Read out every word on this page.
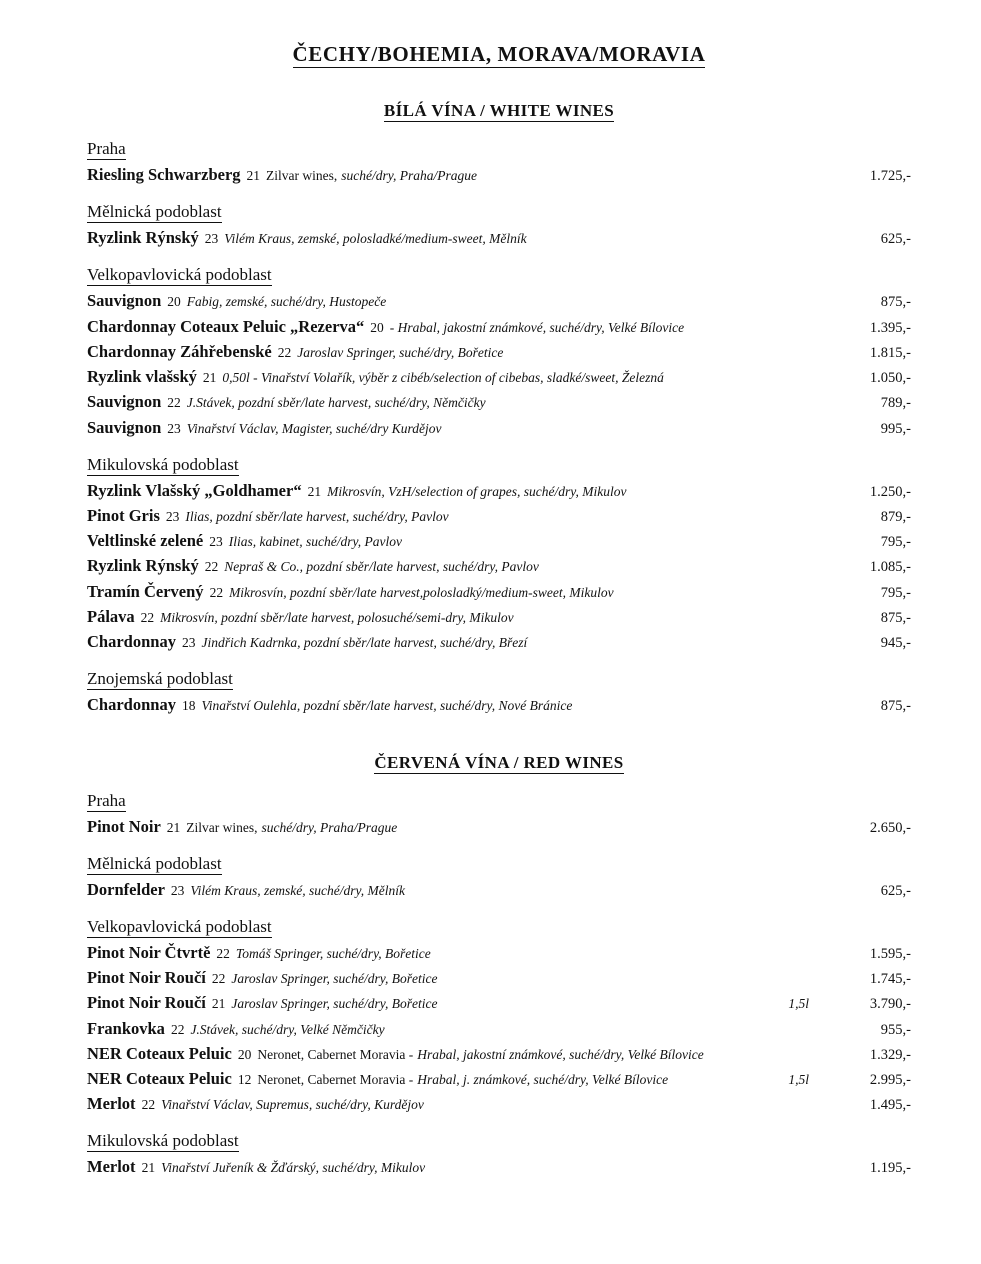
ČECHY/BOHEMIA, MORAVA/MORAVIA
BÍLÁ VÍNA / WHITE WINES
Praha
Riesling Schwarzberg 21 Zilvar wines, suché/dry, Praha/Prague	1.725,-
Mělnická podoblast
Ryzlink Rýnský 23 Vilém Kraus, zemské, polosladké/medium-sweet, Mělník	625,-
Velkopavlovická podoblast
Sauvignon 20 Fabig, zemské, suché/dry, Hustopeče	875,-
Chardonnay Coteaux Peluic „Rezerva“ 20 - Hrabal, jakostní známkové, suché/dry, Velké Bílovice	1.395,-
Chardonnay Záhřebenské 22 Jaroslav Springer, suché/dry, Bořetice	1.815,-
Ryzlink vlašský 21 0,50l - Vinařství Volařík, výběr z cibéb/selection of cibebas, sladké/sweet, Železná	1.050,-
Sauvignon 22 J.Stávek, pozdní sběr/late harvest, suché/dry, Němčičky	789,-
Sauvignon 23 Vinařství Václav, Magister, suché/dry Kurdějov	995,-
Mikulovská podoblast
Ryzlink Vlašský „Goldhamer“ 21 Mikrosvín, VzH/selection of grapes, suché/dry, Mikulov	1.250,-
Pinot Gris 23 Ilias, pozdní sběr/late harvest, suché/dry, Pavlov	879,-
Veltlinské zelené 23 Ilias, kabinet, suché/dry, Pavlov	795,-
Ryzlink Rýnský 22 Nepraš & Co., pozdní sběr/late harvest, suché/dry, Pavlov	1.085,-
Tramín Červený 22 Mikrosvín, pozdní sběr/late harvest,polosladký/medium-sweet, Mikulov	795,-
Pálava 22 Mikrosvín, pozdní sběr/late harvest, polosuché/semi-dry, Mikulov	875,-
Chardonnay 23 Jindřich Kadrnka, pozdní sběr/late harvest, suché/dry, Březí	945,-
Znojemská podoblast
Chardonnay 18 Vinařství Oulehla, pozdní sběr/late harvest, suché/dry, Nové Bránice	875,-
ČERVENÁ VÍNA / RED WINES
Praha
Pinot Noir 21 Zilvar wines, suché/dry, Praha/Prague	2.650,-
Mělnická podoblast
Dornfelder 23 Vilém Kraus, zemské, suché/dry, Mělník	625,-
Velkopavlovická podoblast
Pinot Noir Čtvrtě 22 Tomáš Springer, suché/dry, Bořetice	1.595,-
Pinot Noir Roučí 22 Jaroslav Springer, suché/dry, Bořetice	1.745,-
Pinot Noir Roučí 21 Jaroslav Springer, suché/dry, Bořetice	1,5l	3.790,-
Frankovka 22 J.Stávek, suché/dry, Velké Němčičky	955,-
NER Coteaux Peluic 20 Neronet, Cabernet Moravia - Hrabal, jakostní známkové, suché/dry, Velké Bílovice	1.329,-
NER Coteaux Peluic 12 Neronet, Cabernet Moravia - Hrabal, j. známkové, suché/dry, Velké Bílovice	1,5l	2.995,-
Merlot 22 Vinařství Václav, Supremus, suché/dry, Kurdějov	1.495,-
Mikulovská podoblast
Merlot 21 Vinařství Juřeník & Žďárský, suché/dry, Mikulov	1.195,-
